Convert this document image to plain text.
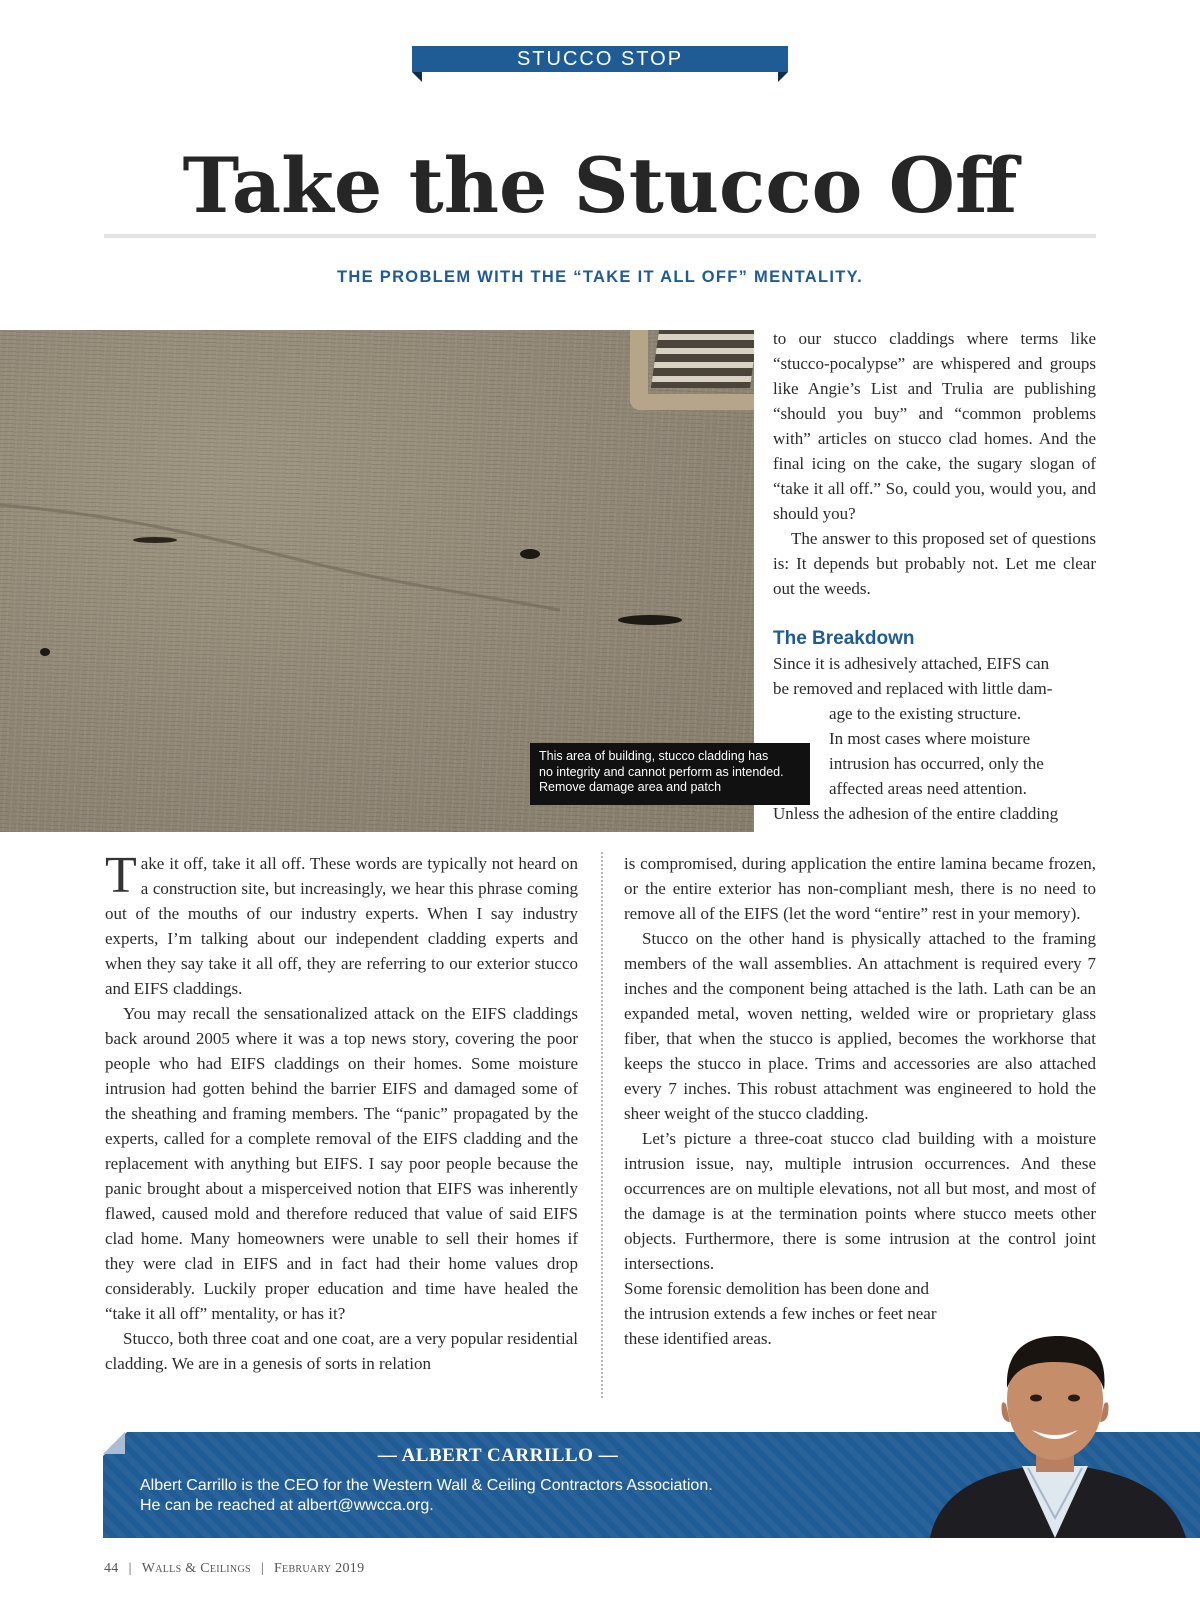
STUCCO STOP
Take the Stucco Off
THE PROBLEM WITH THE “TAKE IT ALL OFF” MENTALITY.
This area of building, stucco cladding has
no integrity and cannot perform as intended.
Remove damage area and patch

to our stucco claddings where terms like “stucco-pocalypse” are whispered and groups like Angie’s List and Trulia are publishing “should you buy” and “common problems with” articles on stucco clad homes. And the final icing on the cake, the sugary slogan of “take it all off.” So, could you, would you, and should you?

The answer to this proposed set of questions is: It depends but probably not. Let me clear out the weeds.

The Breakdown
Since it is adhesively attached, EIFS can
be removed and replaced with little dam-
age to the existing structure.
In most cases where moisture
intrusion has occurred, only the
affected areas need attention.
Unless the adhesion of the entire cladding

Take it off, take it all off. These words are typically not heard on a construction site, but increasingly, we hear this phrase coming out of the mouths of our industry experts. When I say industry experts, I’m talking about our independent cladding experts and when they say take it all off, they are referring to our exterior stucco and EIFS claddings.

You may recall the sensationalized attack on the EIFS claddings back around 2005 where it was a top news story, covering the poor people who had EIFS claddings on their homes. Some moisture intrusion had gotten behind the barrier EIFS and damaged some of the sheathing and framing members. The “panic” propagated by the experts, called for a complete removal of the EIFS cladding and the replacement with anything but EIFS. I say poor people because the panic brought about a misperceived notion that EIFS was inherently flawed, caused mold and therefore reduced that value of said EIFS clad home. Many homeowners were unable to sell their homes if they were clad in EIFS and in fact had their home values drop considerably. Luckily proper education and time have healed the “take it all off” mentality, or has it?

Stucco, both three coat and one coat, are a very popular residential cladding. We are in a genesis of sorts in relation

is compromised, during application the entire lamina became frozen, or the entire exterior has non-compliant mesh, there is no need to remove all of the EIFS (let the word “entire” rest in your memory).

Stucco on the other hand is physically attached to the framing members of the wall assemblies. An attachment is required every 7 inches and the component being attached is the lath. Lath can be an expanded metal, woven netting, welded wire or proprietary glass fiber, that when the stucco is applied, becomes the workhorse that keeps the stucco in place. Trims and accessories are also attached every 7 inches. This robust attachment was engineered to hold the sheer weight of the stucco cladding.

Let’s picture a three-coat stucco clad building with a moisture intrusion issue, nay, multiple intrusion occurrences. And these occurrences are on multiple elevations, not all but most, and most of the damage is at the termination points where stucco meets other objects. Furthermore, there is some intrusion at the control joint intersections.

Some forensic demolition has been done and
the intrusion extends a few inches or feet near
these identified areas.
— ALBERT CARRILLO —
Albert Carrillo is the CEO for the Western Wall & Ceiling Contractors Association.
He can be reached at albert@wwcca.org.
44 | Walls & Ceilings | February 2019
